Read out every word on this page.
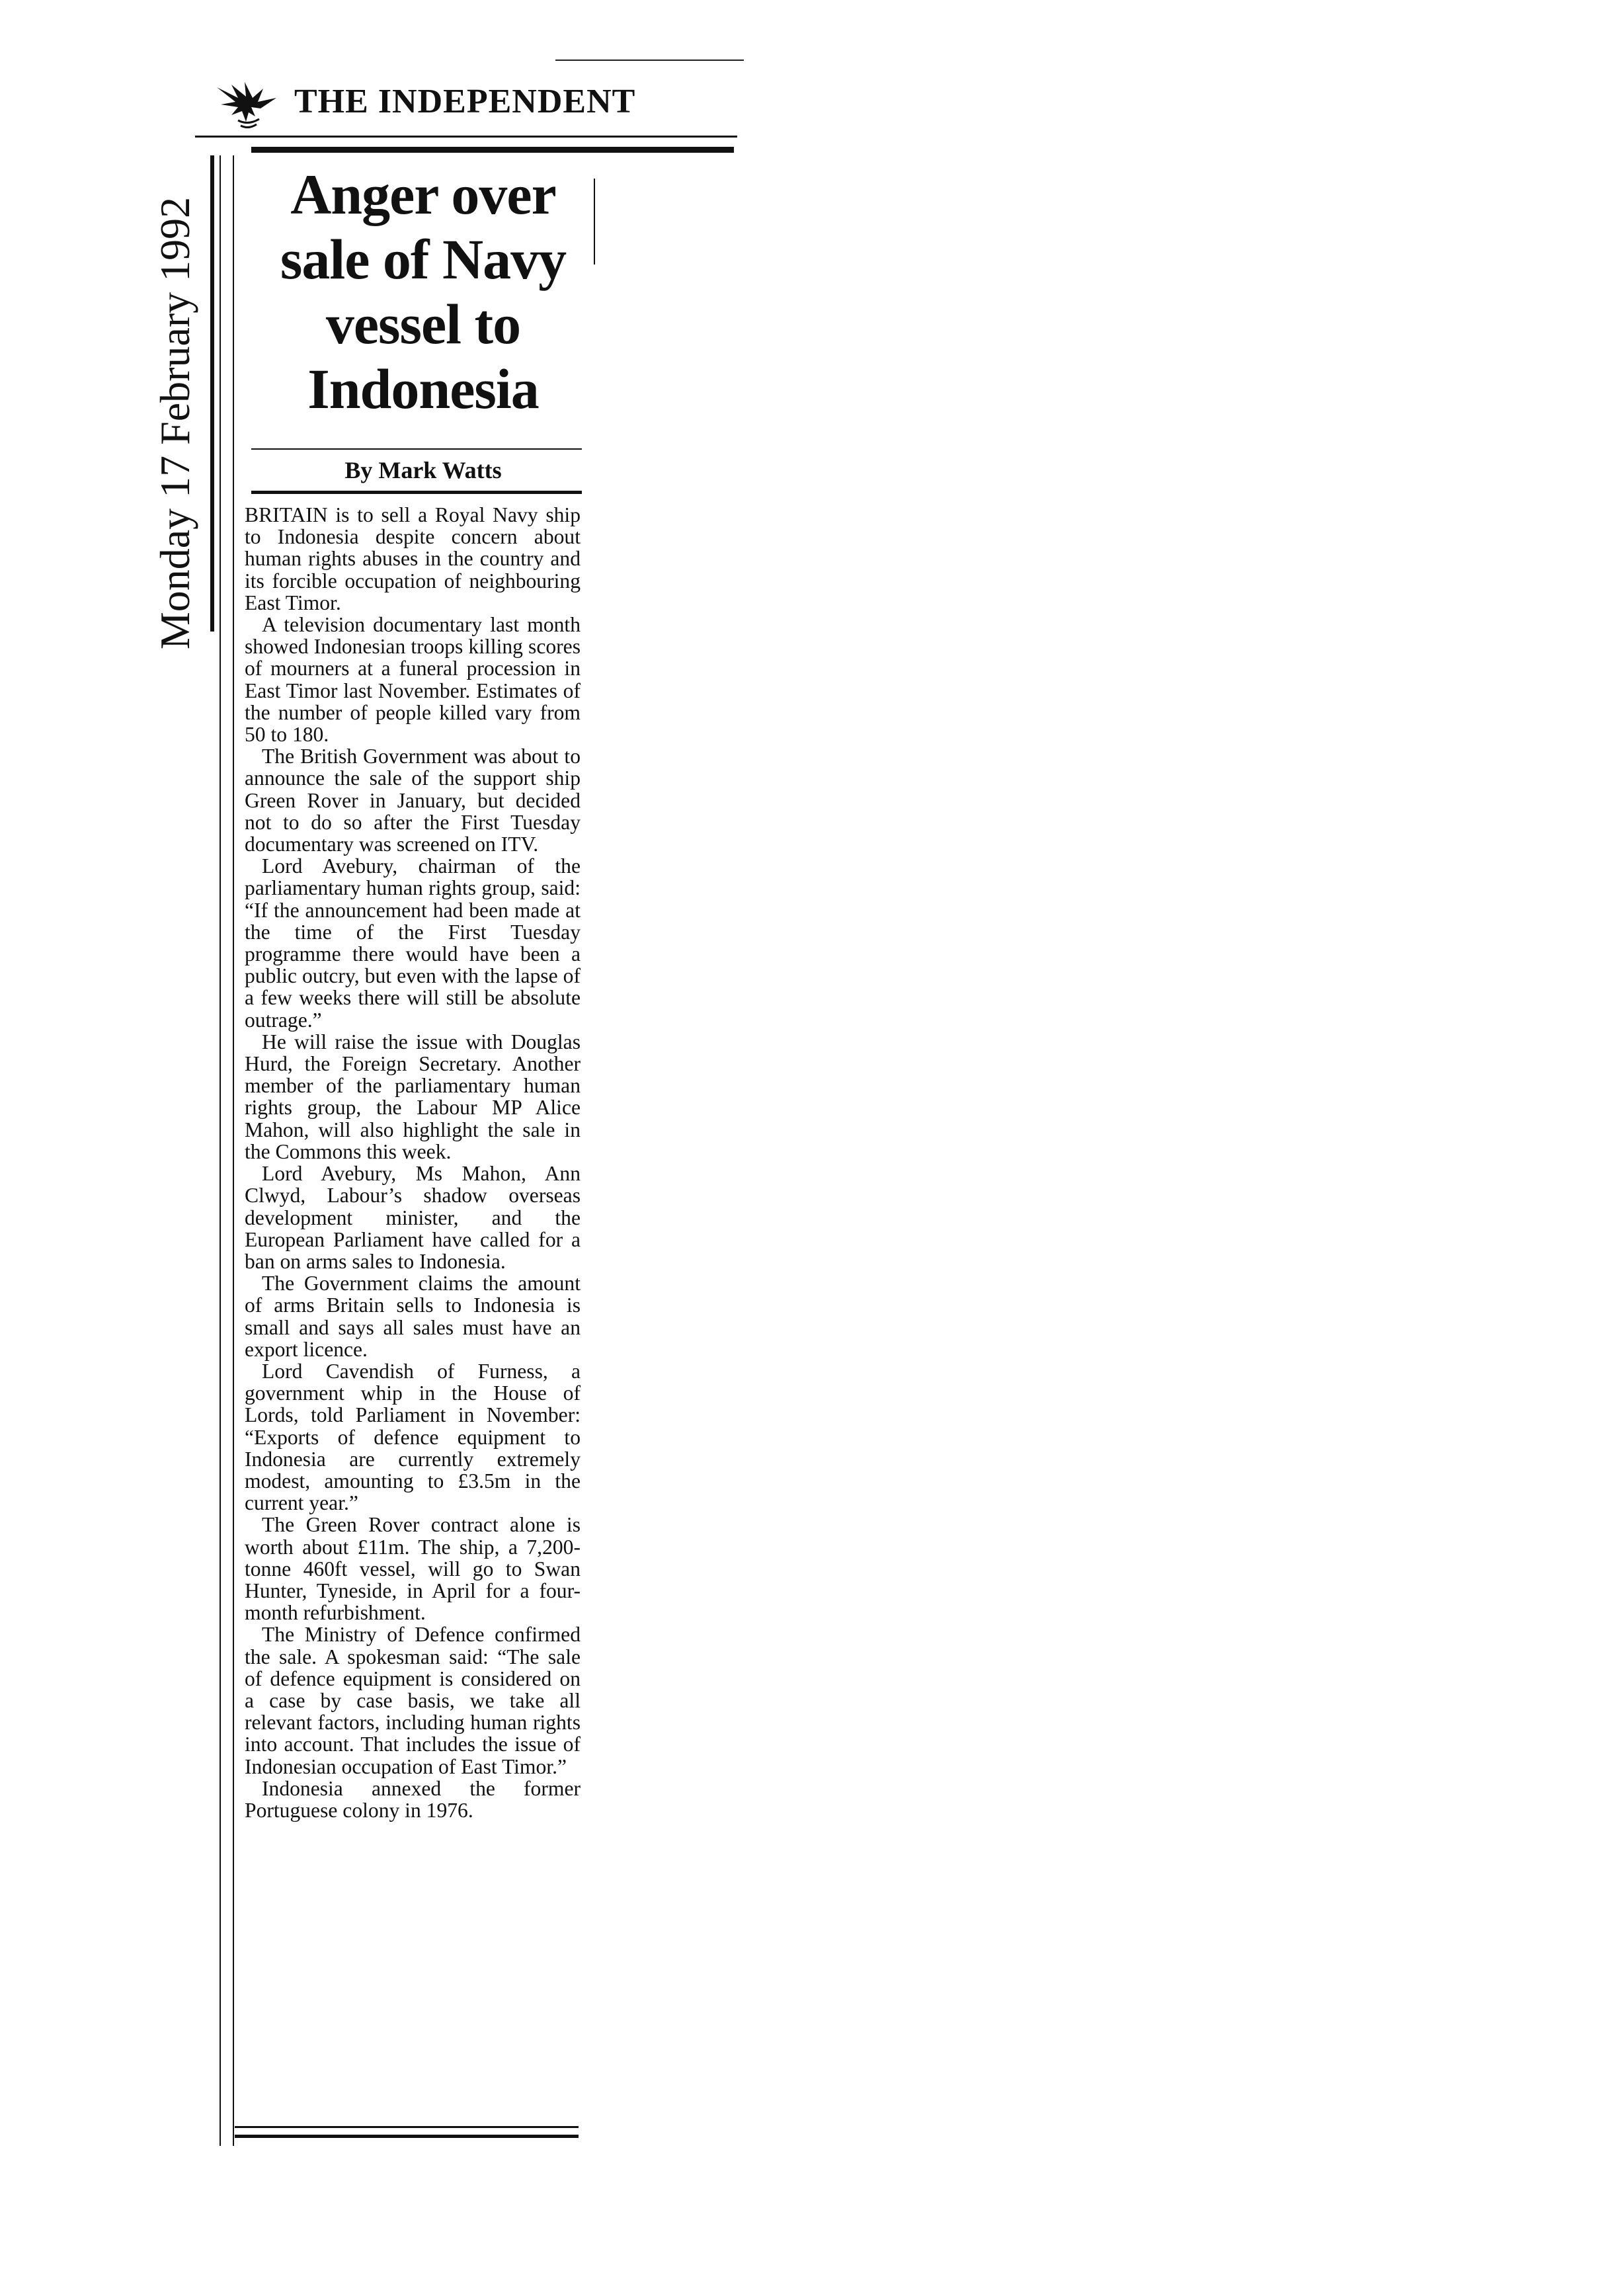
THE INDEPENDENT
Monday 17 February 1992
Anger over
sale of Navy
vessel to
Indonesia
By Mark Watts

BRITAIN is to sell a Royal Navy ship to Indonesia despite concern about human rights abuses in the country and its forcible occupation of neighbouring East Timor.

A television documentary last month showed Indonesian troops killing scores of mourners at a funeral procession in East Timor last November. Estimates of the number of people killed vary from 50 to 180.

The British Government was about to announce the sale of the support ship Green Rover in January, but decided not to do so after the First Tuesday documentary was screened on ITV.

Lord Avebury, chairman of the parliamentary human rights group, said: “If the announcement had been made at the time of the First Tuesday programme there would have been a public outcry, but even with the lapse of a few weeks there will still be absolute outrage.”

He will raise the issue with Douglas Hurd, the Foreign Secretary. Another member of the parliamentary human rights group, the Labour MP Alice Mahon, will also highlight the sale in the Commons this week.

Lord Avebury, Ms Mahon, Ann Clwyd, Labour’s shadow overseas development minister, and the European Parliament have called for a ban on arms sales to Indonesia.

The Government claims the amount of arms Britain sells to Indonesia is small and says all sales must have an export licence.

Lord Cavendish of Furness, a government whip in the House of Lords, told Parliament in November: “Exports of defence equipment to Indonesia are currently extremely modest, amounting to £3.5m in the current year.”

The Green Rover contract alone is worth about £11m. The ship, a 7,200-tonne 460ft vessel, will go to Swan Hunter, Tyneside, in April for a four-month refurbishment.

The Ministry of Defence confirmed the sale. A spokesman said: “The sale of defence equipment is considered on a case by case basis, we take all relevant factors, including human rights into account. That includes the issue of Indonesian occupation of East Timor.”

Indonesia annexed the former Portuguese colony in 1976.
